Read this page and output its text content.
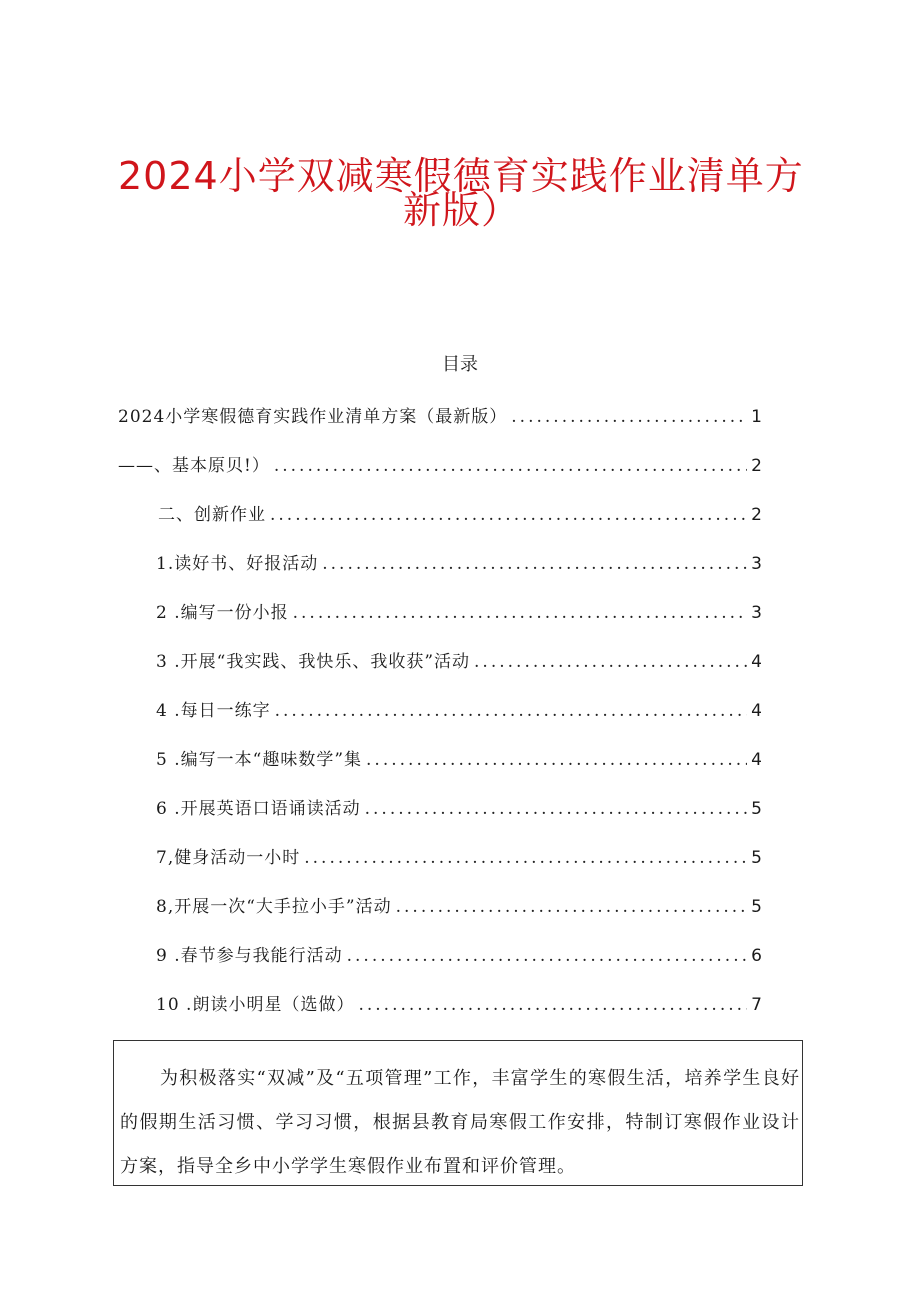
2024小学双减寒假德育实践作业清单方
新版）
目录
2024小学寒假德育实践作业清单方案（最新版） .....	1
——、基本原贝!） .....	2
二、创新作业 .....	2
1.读好书、好报活动 .....	3
2 .编写一份小报 .....	3
3 .开展“我实践、我快乐、我收获”活动 .....	4
4 .每日一练字 .....	4
5 .编写一本“趣味数学”集 .....	4
6 .开展英语口语诵读活动 .....	5
7,健身活动一小时 .....	5
8,开展一次“大手拉小手”活动 .....	5
9 .春节参与我能行活动 .....	6
10 .朗读小明星（选做） .....	7
为积极落实“双减”及“五项管理”工作，丰富学生的寒假生活，培养学生良好的假期生活习惯、学习习惯，根据县教育局寒假工作安排，特制订寒假作业设计方案，指导全乡中小学学生寒假作业布置和评价管理。
